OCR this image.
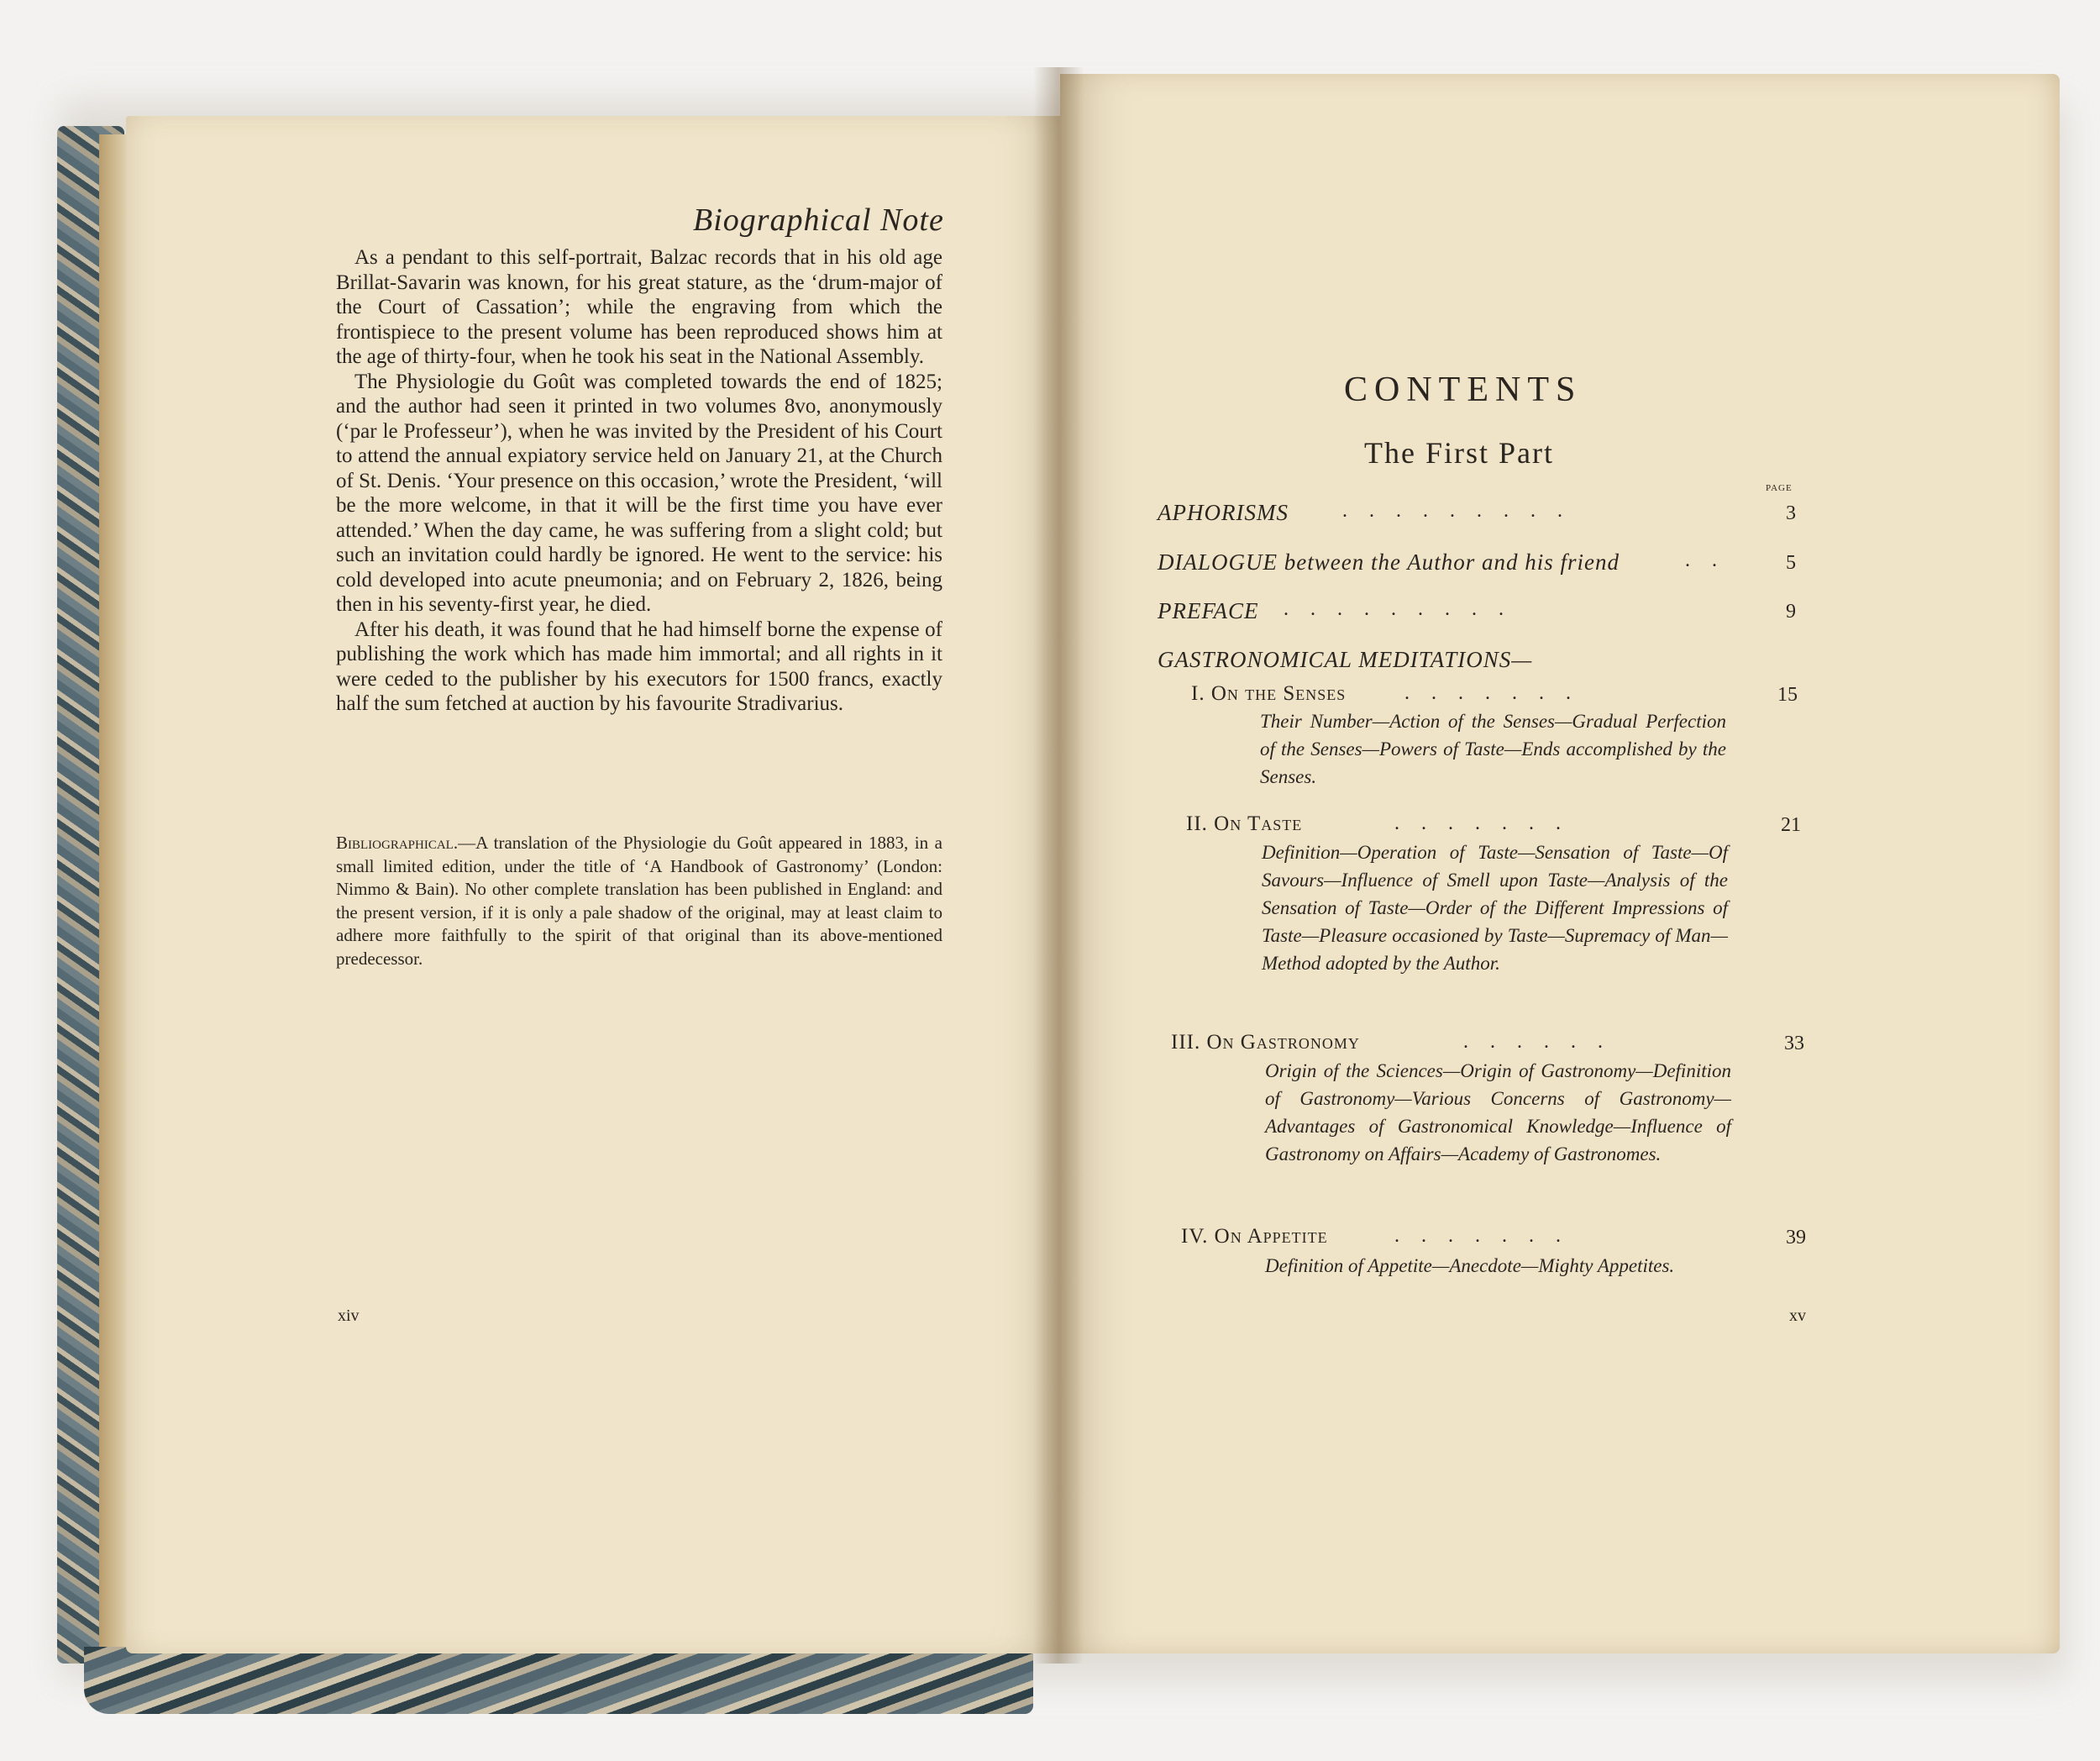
Biographical Note

As a pendant to this self-portrait, Balzac records that in his old age Brillat-Savarin was known, for his great stature, as the ‘drum-major of the Court of Cassation’; while the engraving from which the frontispiece to the present volume has been reproduced shows him at the age of thirty-four, when he took his seat in the National Assembly.

The Physiologie du Goût was completed towards the end of 1825; and the author had seen it printed in two volumes 8vo, anonymously (‘par le Professeur’), when he was invited by the President of his Court to attend the annual expiatory service held on January 21, at the Church of St. Denis. ‘Your presence on this occasion,’ wrote the President, ‘will be the more welcome, in that it will be the first time you have ever attended.’ When the day came, he was suffering from a slight cold; but such an invitation could hardly be ignored. He went to the service: his cold developed into acute pneumonia; and on February 2, 1826, being then in his seventy-first year, he died.

After his death, it was found that he had himself borne the expense of publishing the work which has made him immortal; and all rights in it were ceded to the publisher by his executors for 1500 francs, exactly half the sum fetched at auction by his favourite Stradivarius.

Bibliographical.—A translation of the Physiologie du Goût appeared in 1883, in a small limited edition, under the title of ‘A Handbook of Gastronomy’ (London: Nimmo & Bain). No other complete translation has been published in England: and the present version, if it is only a pale shadow of the original, may at least claim to adhere more faithfully to the spirit of that original than its above-mentioned predecessor.
xiv
CONTENTS
The First Part
PAGE
APHORISMS	.........	3
DIALOGUE between the Author and his friend	.. 5
PREFACE .........	9
GASTRONOMICAL MEDITATIONS—
I. On the Senses	.......	15
Their Number—Action of the Senses—Gradual Perfection of the Senses—Powers of Taste—Ends accomplished by the Senses.
II. On Taste	.......	21
Definition—Operation of Taste—Sensation of Taste—Of Savours—Influence of Smell upon Taste—Analysis of the Sensation of Taste—Order of the Different Impressions of Taste—Pleasure occasioned by Taste—Supremacy of Man—Method adopted by the Author.
III. On Gastronomy	......	33
Origin of the Sciences—Origin of Gastronomy—Definition of Gastronomy—Various Concerns of Gastronomy—Advantages of Gastronomical Knowledge—Influence of Gastronomy on Affairs—Academy of Gastronomes.
IV. On Appetite	.......	39
Definition of Appetite—Anecdote—Mighty Appetites.
xv
